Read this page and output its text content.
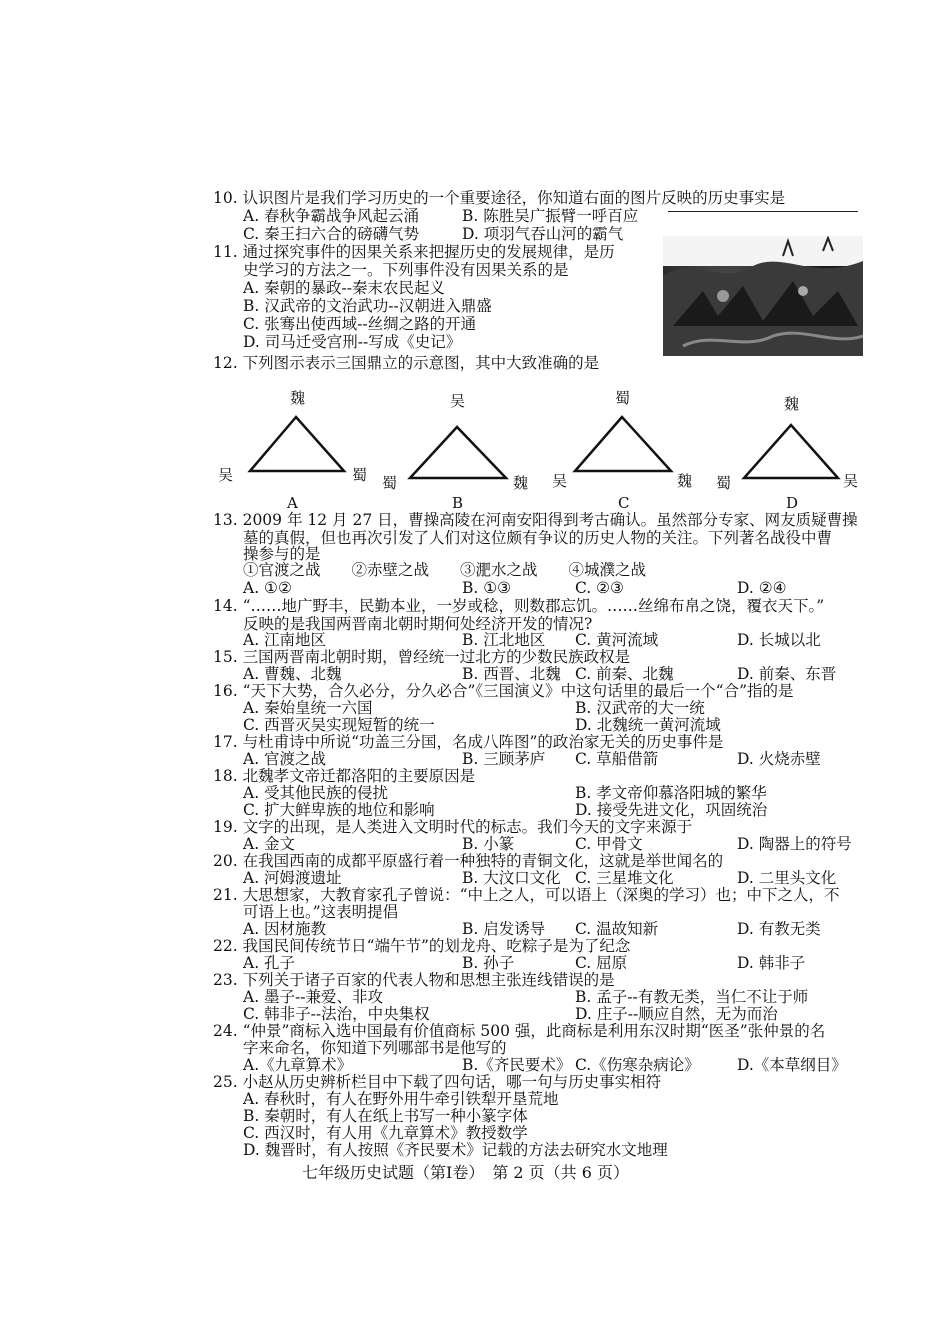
10. 认识图片是我们学习历史的一个重要途径，你知道右面的图片反映的历史事实是
A. 春秋争霸战争风起云涌	B. 陈胜吴广振臂一呼百应
C. 秦王扫六合的磅礴气势	D. 项羽气吞山河的霸气
11. 通过探究事件的因果关系来把握历史的发展规律，是历
史学习的方法之一。下列事件没有因果关系的是
A. 秦朝的暴政--秦末农民起义
B. 汉武帝的文治武功--汉朝进入鼎盛
C. 张骞出使西域--丝绸之路的开通
D. 司马迁受宫刑--写成《史记》
12. 下列图示表示三国鼎立的示意图，其中大致准确的是
魏
吴	蜀
A
吴
蜀	魏
B
蜀
吴	魏
C
魏
蜀	吴
D
13. 2009 年 12 月 27 日，曹操高陵在河南安阳得到考古确认。虽然部分专家、网友质疑曹操
墓的真假，但也再次引发了人们对这位颇有争议的历史人物的关注。下列著名战役中曹
操参与的是
①官渡之战　　②赤壁之战　　③淝水之战　　④城濮之战
A. ①②	B. ①③	C. ②③	D. ②④
14. “……地广野丰，民勤本业，一岁或稔，则数郡忘饥。……丝绵布帛之饶，覆衣天下。”
反映的是我国两晋南北朝时期何处经济开发的情况?
A. 江南地区	B. 江北地区 C. 黄河流域	D. 长城以北
15. 三国两晋南北朝时期，曾经统一过北方的少数民族政权是
A. 曹魏、北魏	B. 西晋、北魏 C. 前秦、北魏	D. 前秦、东晋
16. “天下大势，合久必分，分久必合”《三国演义》中这句话里的最后一个“合”指的是
A. 秦始皇统一六国	B. 汉武帝的大一统
C. 西晋灭吴实现短暂的统一	D. 北魏统一黄河流域
17. 与杜甫诗中所说“功盖三分国，名成八阵图”的政治家无关的历史事件是
A. 官渡之战	B. 三顾茅庐 C. 草船借箭	D. 火烧赤壁
18. 北魏孝文帝迁都洛阳的主要原因是
A. 受其他民族的侵扰	B. 孝文帝仰慕洛阳城的繁华
C. 扩大鲜卑族的地位和影响	D. 接受先进文化，巩固统治
19. 文字的出现，是人类进入文明时代的标志。我们今天的文字来源于
A. 金文	B. 小篆	C. 甲骨文	D. 陶器上的符号
20. 在我国西南的成都平原盛行着一种独特的青铜文化，这就是举世闻名的
A. 河姆渡遗址	B. 大汶口文化 C. 三星堆文化	D. 二里头文化
21. 大思想家，大教育家孔子曾说：“中上之人，可以语上（深奥的学习）也；中下之人，不
可语上也。”这表明提倡
A. 因材施教	B. 启发诱导 C. 温故知新	D. 有教无类
22. 我国民间传统节日“端午节”的划龙舟、吃粽子是为了纪念
A. 孔子	B. 孙子	C. 屈原	D. 韩非子
23. 下列关于诸子百家的代表人物和思想主张连线错误的是
A. 墨子--兼爱、非攻	B. 孟子--有教无类，当仁不让于师
C. 韩非子--法治，中央集权	D. 庄子--顺应自然，无为而治
24. “仲景”商标入选中国最有价值商标 500 强，此商标是利用东汉时期“医圣”张仲景的名
字来命名，你知道下列哪部书是他写的
A.《九章算术》	B.《齐民要术》 C.《伤寒杂病论》 D.《本草纲目》
25. 小赵从历史辨析栏目中下载了四句话，哪一句与历史事实相符
A. 春秋时，有人在野外用牛牵引铁犁开垦荒地
B. 秦朝时，有人在纸上书写一种小篆字体
C. 西汉时，有人用《九章算术》教授数学
D. 魏晋时，有人按照《齐民要术》记载的方法去研究水文地理
七年级历史试题（第Ⅰ卷）　第 2 页（共 6 页）
